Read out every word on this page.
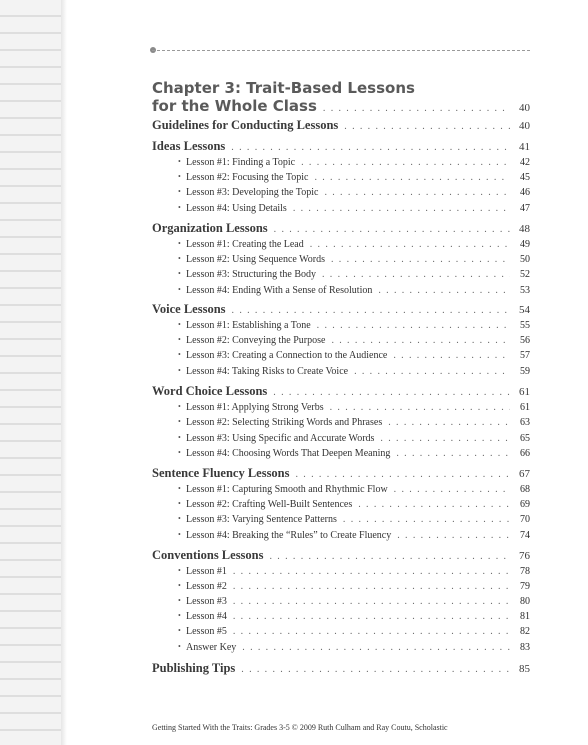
Chapter 3: Trait-Based Lessons
for the Whole Class . . .	40
Guidelines for Conducting Lessons . . .	40
Ideas Lessons . . .	41
• Lesson #1: Finding a Topic . . .	42
• Lesson #2: Focusing the Topic . . .	45
• Lesson #3: Developing the Topic . . .	46
• Lesson #4: Using Details . . .	47
Organization Lessons . . .	48
• Lesson #1: Creating the Lead . . .	49
• Lesson #2: Using Sequence Words . . .	50
• Lesson #3: Structuring the Body . . .	52
• Lesson #4: Ending With a Sense of Resolution . . .	53
Voice Lessons . . .	54
• Lesson #1: Establishing a Tone . . .	55
• Lesson #2: Conveying the Purpose . . .	56
• Lesson #3: Creating a Connection to the Audience . . .	57
• Lesson #4: Taking Risks to Create Voice . . .	59
Word Choice Lessons . . .	61
• Lesson #1: Applying Strong Verbs . . .	61
• Lesson #2: Selecting Striking Words and Phrases . . .	63
• Lesson #3: Using Specific and Accurate Words . . .	65
• Lesson #4: Choosing Words That Deepen Meaning . . .	66
Sentence Fluency Lessons . . .	67
• Lesson #1: Capturing Smooth and Rhythmic Flow . . .	68
• Lesson #2: Crafting Well-Built Sentences . . .	69
• Lesson #3: Varying Sentence Patterns . . .	70
• Lesson #4: Breaking the “Rules” to Create Fluency . . .	74
Conventions Lessons . . .	76
• Lesson #1 . . .	78
• Lesson #2 . . .	79
• Lesson #3 . . .	80
• Lesson #4 . . .	81
• Lesson #5 . . .	82
• Answer Key . . .	83
Publishing Tips . . .	85
Getting Started With the Traits: Grades 3-5 © 2009 Ruth Culham and Ray Coutu, Scholastic
